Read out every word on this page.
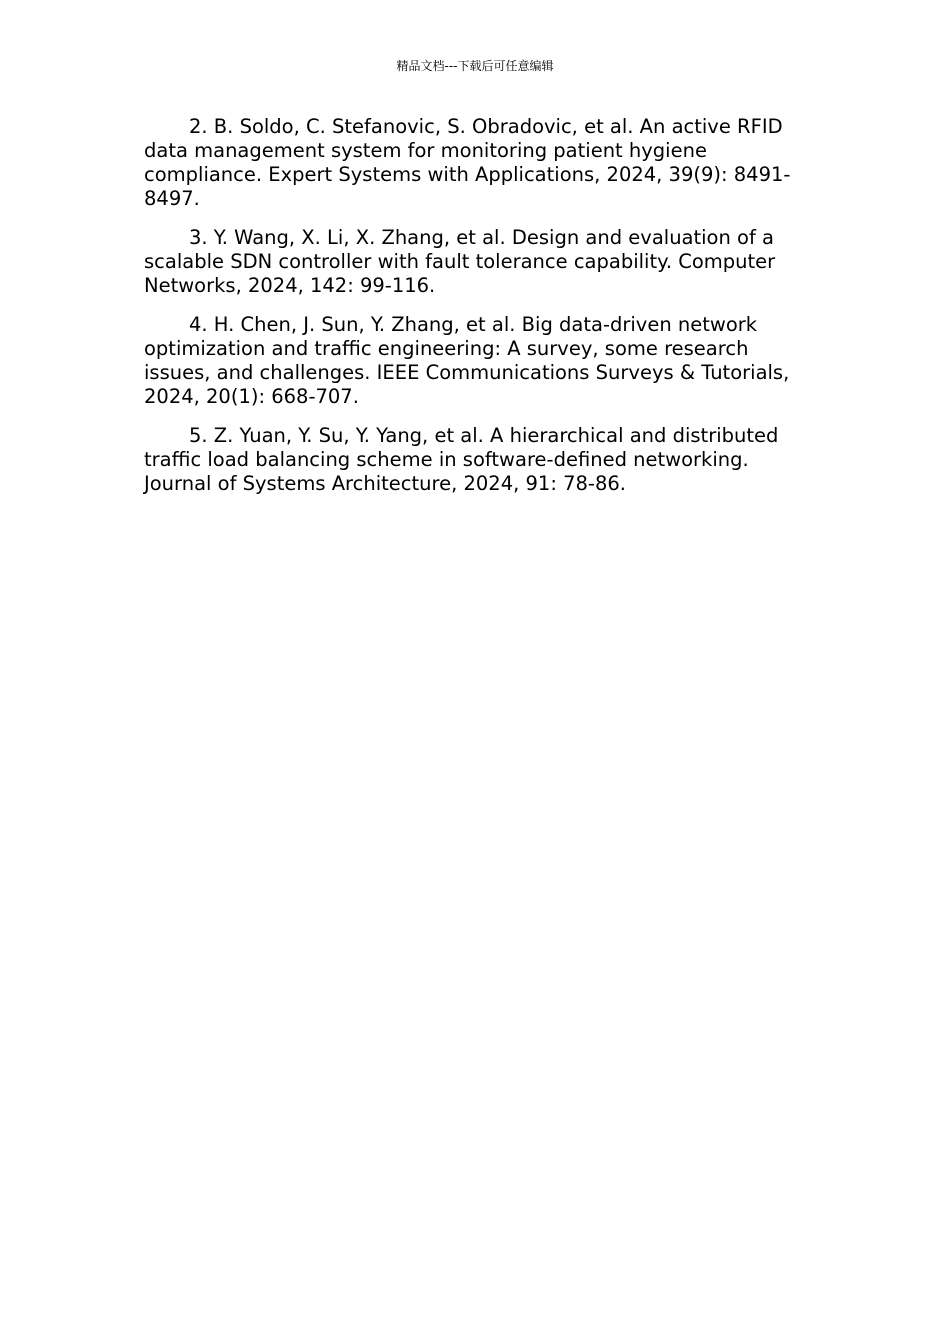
精品文档---下载后可任意编辑

2. B. Soldo, C. Stefanovic, S. Obradovic, et al. An active RFID data management system for monitoring patient hygiene compliance. Expert Systems with Applications, 2024, 39(9): 8491-8497.

3. Y. Wang, X. Li, X. Zhang, et al. Design and evaluation of a scalable SDN controller with fault tolerance capability. Computer Networks, 2024, 142: 99-116.

4. H. Chen, J. Sun, Y. Zhang, et al. Big data-driven network optimization and traffic engineering: A survey, some research issues, and challenges. IEEE Communications Surveys & Tutorials, 2024, 20(1): 668-707.

5. Z. Yuan, Y. Su, Y. Yang, et al. A hierarchical and distributed traffic load balancing scheme in software-defined networking. Journal of Systems Architecture, 2024, 91: 78-86.
